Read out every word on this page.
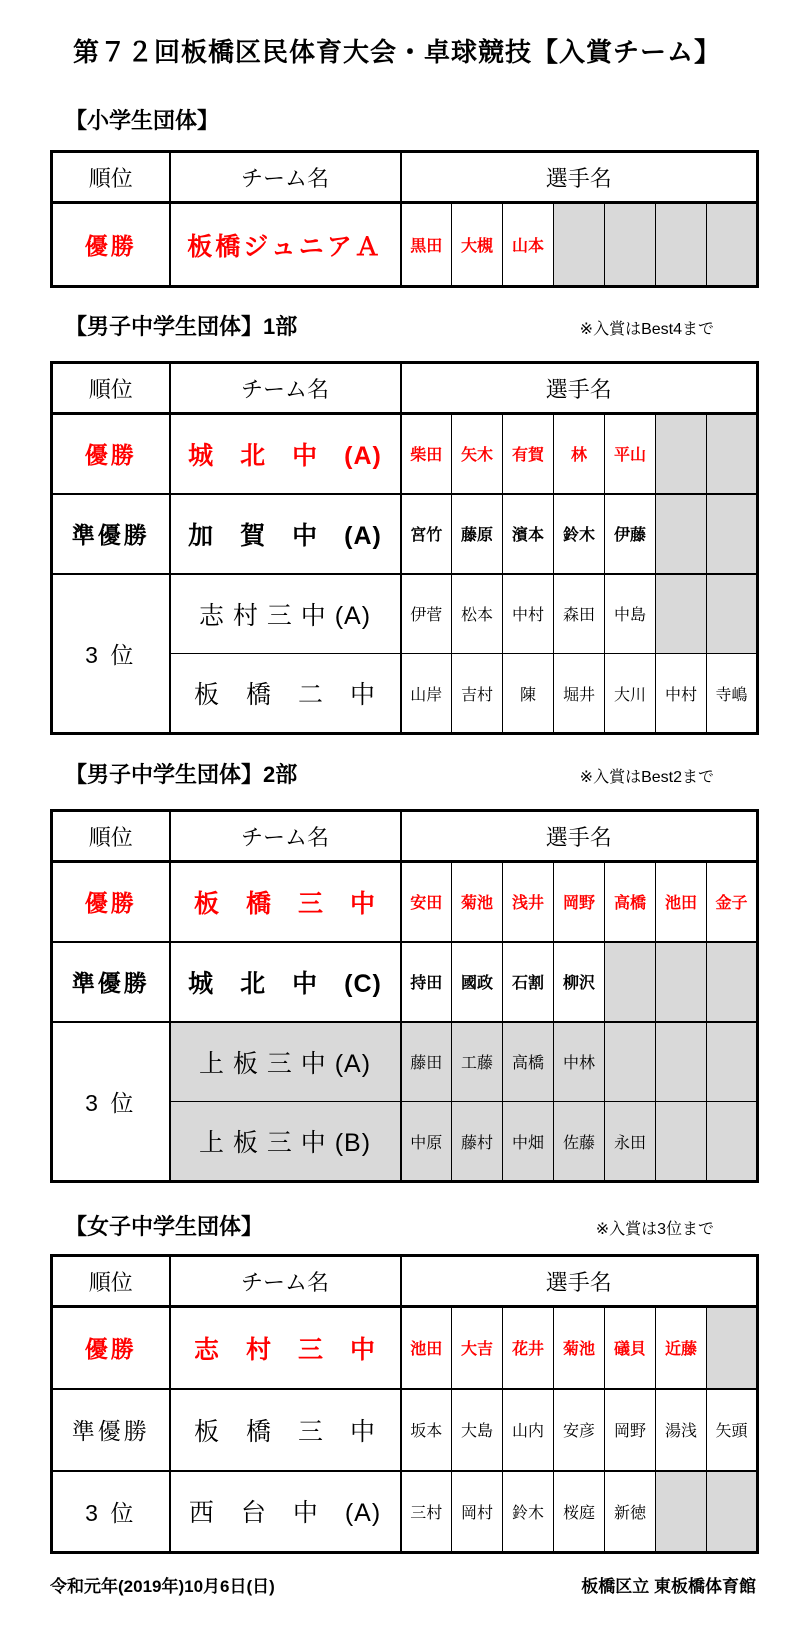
第７２回板橋区民体育大会・卓球競技【入賞チーム】
【小学生団体】
順位	チーム名	選手名						
優勝	板橋ジュニアＡ	黒田	大槻	山本				
【男子中学生団体】1部	※入賞はBest4まで
順位	チーム名	選手名						
優勝	城　北　中　(A)	柴田	矢木	有賀	林	平山		
準優勝	加　賀　中　(A)	宮竹	藤原	濱本	鈴木	伊藤		
3 位	志 村 三 中 (A)	伊菅	松本	中村	森田	中島		
	板　橋　二　中	山岸	吉村	陳	堀井	大川	中村	寺嶋
【男子中学生団体】2部	※入賞はBest2まで
順位	チーム名	選手名						
優勝	板　橋　三　中	安田	菊池	浅井	岡野	高橋	池田	金子
準優勝	城　北　中　(C)	持田	國政	石割	柳沢			
3 位	上 板 三 中 (A)	藤田	工藤	高橋	中林			
	上 板 三 中 (B)	中原	藤村	中畑	佐藤	永田		
【女子中学生団体】	※入賞は3位まで
順位	チーム名	選手名						
優勝	志　村　三　中	池田	大吉	花井	菊池	礒貝	近藤	
準優勝	板　橋　三　中	坂本	大島	山内	安彦	岡野	湯浅	矢頭
3 位	西　台　中　(A)	三村	岡村	鈴木	桜庭	新徳		
令和元年(2019年)10月6日(日)	板橋区立 東板橋体育館
